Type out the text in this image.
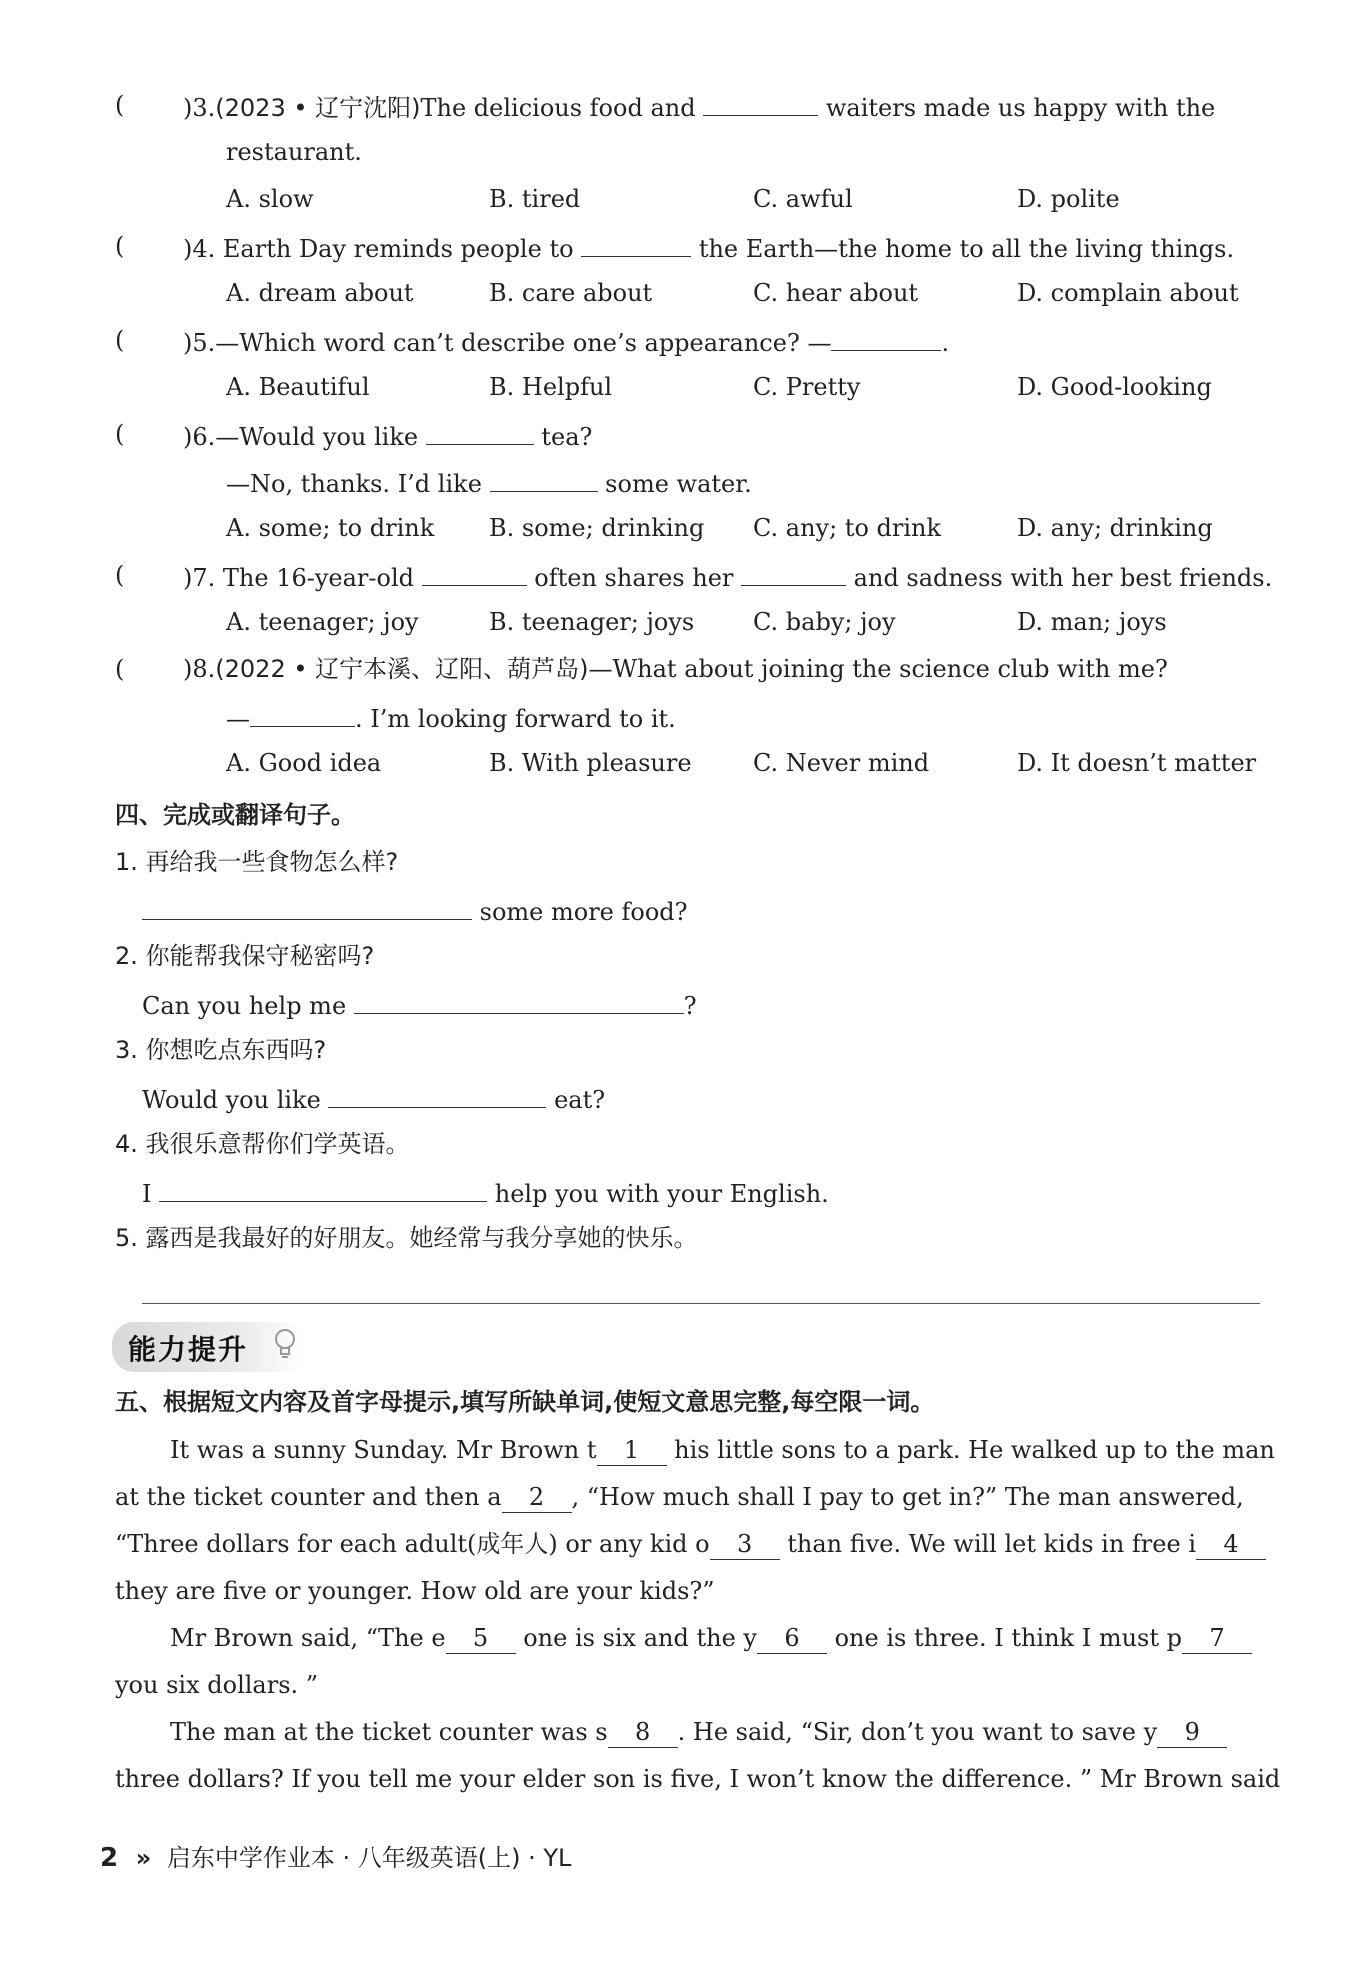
( )3.(2023 • 辽宁沈阳)The delicious food and	waiters made us happy with the
restaurant.
A. slow	B. tired	C. awful	D. polite
( )4. Earth Day reminds people to	the Earth—the home to all the living things.
A. dream about	B. care about	C. hear about	D. complain about
( )5.—Which word can’t describe one’s appearance? —	.
A. Beautiful	B. Helpful	C. Pretty	D. Good-looking
( )6.—Would you like	tea?
—No, thanks. I’d like	some water.
A. some; to drink B. some; drinking C. any; to drink	D. any; drinking
( )7. The 16-year-old	often shares her	and sadness with her best friends.
A. teenager; joy	B. teenager; joys C. baby; joy	D. man; joys
( )8.(2022 • 辽宁本溪、辽阳、葫芦岛)—What about joining the science club with me?
—	. I’m looking forward to it.
A. Good idea	B. With pleasure	C. Never mind	D. It doesn’t matter
四、完成或翻译句子。
1. 再给我一些食物怎么样?
some more food?
2. 你能帮我保守秘密吗?
Can you help me	?
3. 你想吃点东西吗?
Would you like	eat?
4. 我很乐意帮你们学英语。
I	help you with your English.
5. 露西是我最好的好朋友。她经常与我分享她的快乐。
能力提升
五、根据短文内容及首字母提示,填写所缺单词,使短文意思完整,每空限一词。
It was a sunny Sunday. Mr Brown t 1 his little sons to a park. He walked up to the man
at the ticket counter and then a 2 , “How much shall I pay to get in?” The man answered,
“Three dollars for each adult(成年人) or any kid o 3 than five. We will let kids in free i 4
they are five or younger. How old are your kids?”
Mr Brown said, “The e 5 one is six and the y 6 one is three. I think I must p 7
you six dollars. ”
The man at the ticket counter was s 8 . He said, “Sir, don’t you want to save y 9
three dollars? If you tell me your elder son is five, I won’t know the difference. ” Mr Brown said
2 » 启东中学作业本 · 八年级英语(上) · YL
